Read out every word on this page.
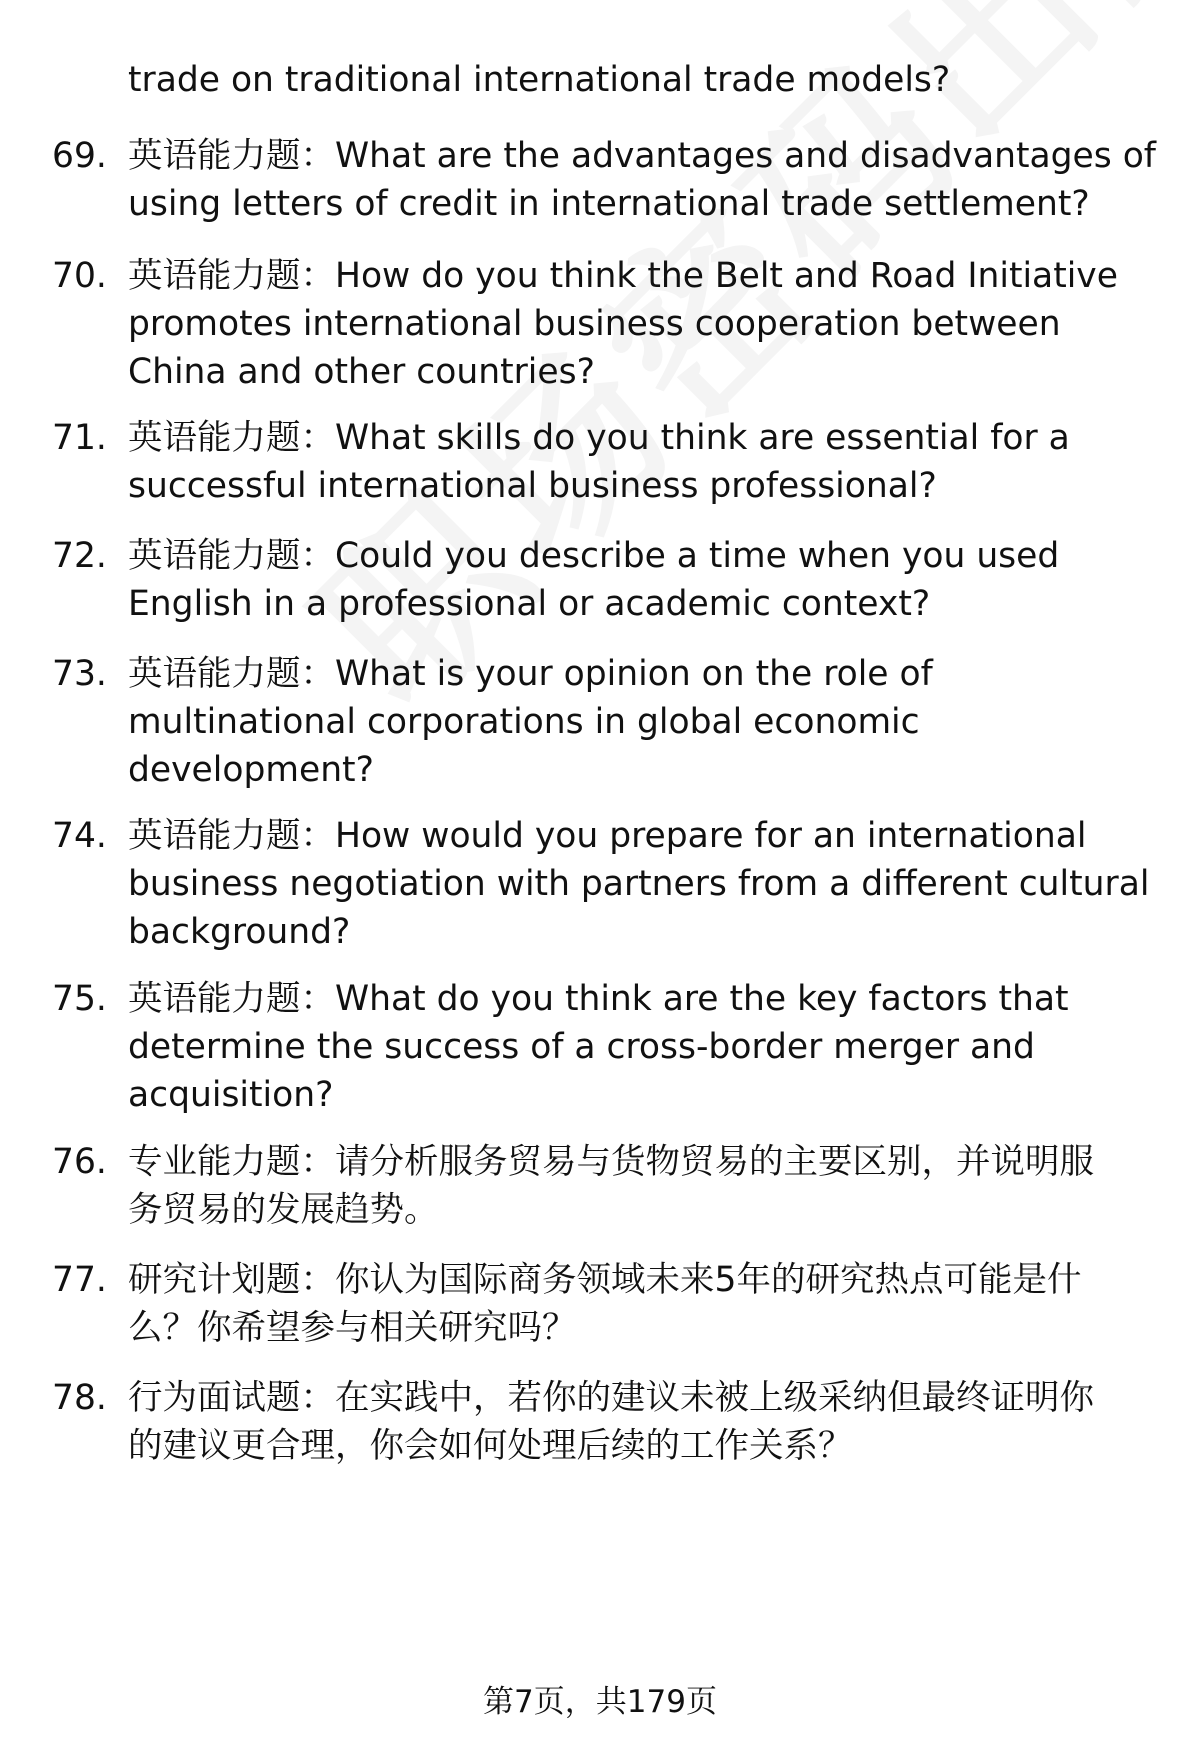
trade on traditional international trade models?
69. 英语能力题：What are the advantages and disadvantages of
using letters of credit in international trade settlement?
70. 英语能力题：How do you think the Belt and Road Initiative
promotes international business cooperation between
China and other countries?
71. 英语能力题：What skills do you think are essential for a
successful international business professional?
72. 英语能力题：Could you describe a time when you used
English in a professional or academic context?
73. 英语能力题：What is your opinion on the role of
multinational corporations in global economic
development?
74. 英语能力题：How would you prepare for an international
business negotiation with partners from a different cultural
background?
75. 英语能力题：What do you think are the key factors that
determine the success of a cross-border merger and
acquisition?
76. 专业能力题：请分析服务贸易与货物贸易的主要区别，并说明服
务贸易的发展趋势。
77. 研究计划题：你认为国际商务领域未来5年的研究热点可能是什
么？你希望参与相关研究吗？
78. 行为面试题：在实践中，若你的建议未被上级采纳但最终证明你
的建议更合理，你会如何处理后续的工作关系？
第7页，共179页
